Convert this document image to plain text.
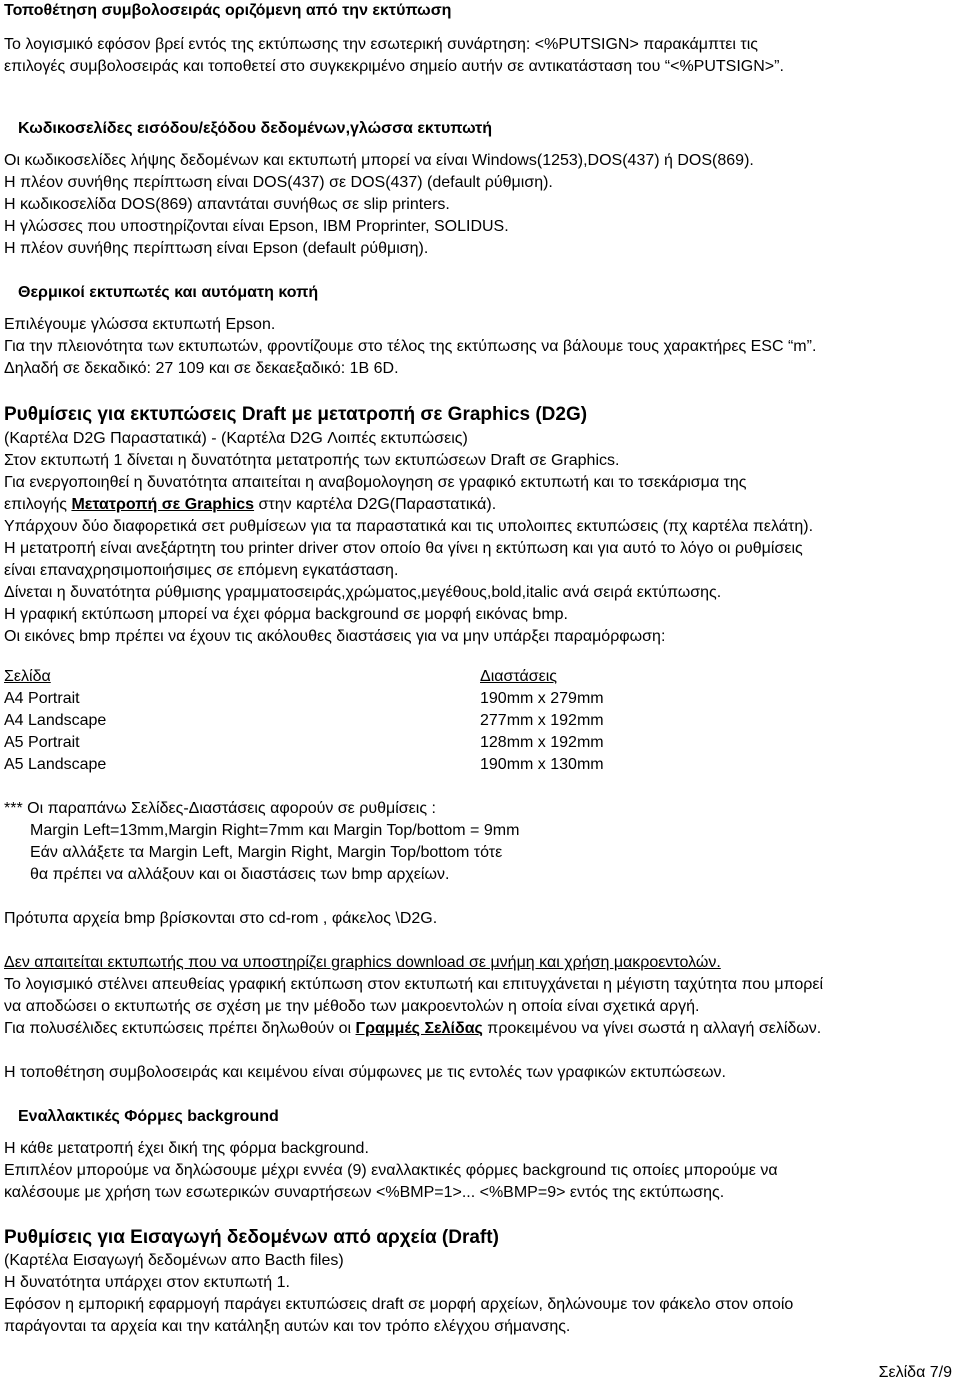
Τοποθέτηση συμβολοσειράς οριζόμενη από την εκτύπωση
Το λογισμικό εφόσον βρεί εντός της εκτύπωσης την εσωτερική συνάρτηση: <%PUTSIGN> παρακάμπτει τις
επιλογές συμβολοσειράς και τοποθετεί στο συγκεκριμένο σημείο αυτήν σε αντικατάσταση του “<%PUTSIGN>”.
Κωδικοσελίδες εισόδου/εξόδου δεδομένων,γλώσσα εκτυπωτή
Οι κωδικοσελίδες λήψης δεδομένων και εκτυπωτή μπορεί να είναι Windows(1253),DOS(437) ή DOS(869).
Η πλέον συνήθης περίπτωση είναι DOS(437) σε DOS(437) (default ρύθμιση).
Η κωδικοσελίδα DOS(869) απαντάται συνήθως σε slip printers.
Η γλώσσες που υποστηρίζονται είναι Epson, IBM Proprinter, SOLIDUS.
Η πλέον συνήθης περίπτωση είναι Epson (default ρύθμιση).
Θερμικοί εκτυπωτές και αυτόματη κοπή
Επιλέγουμε γλώσσα εκτυπωτή Epson.
Για την πλειονότητα των εκτυπωτών, φροντίζουμε στο τέλος της εκτύπωσης να βάλουμε τους χαρακτήρες ESC “m”.
Δηλαδή σε δεκαδικό: 27 109 και σε δεκαεξαδικό: 1B 6D.
Ρυθμίσεις για εκτυπώσεις Draft με μετατροπή σε Graphics (D2G)
(Καρτέλα D2G Παραστατικά) - (Καρτέλα D2G Λοιπές εκτυπώσεις)
Στον εκτυπωτή 1 δίνεται η δυνατότητα μετατροπής των εκτυπώσεων Draft σε Graphics.
Για ενεργοποιηθεί η δυνατότητα απαιτείται η αναβομολογηση σε γραφικό εκτυπωτή και το τσεκάρισμα της
επιλογής Μετατροπή σε Graphics στην καρτέλα D2G(Παραστατικά).
Υπάρχουν δύο διαφορετικά σετ ρυθμίσεων για τα παραστατικά και τις υπολοιπες εκτυπώσεις (πχ καρτέλα πελάτη).
Η μετατροπή είναι ανεξάρτητη του printer driver στον οποίο θα γίνει η εκτύπωση και για αυτό το λόγο οι ρυθμίσεις
είναι επαναχρησιμοποιήσιμες σε επόμενη εγκατάσταση.
Δίνεται η δυνατότητα ρύθμισης γραμματοσειράς,χρώματος,μεγέθους,bold,italic ανά σειρά εκτύπωσης.
Η γραφική εκτύπωση μπορεί να έχει φόρμα background σε μορφή εικόνας bmp.
Οι εικόνες bmp πρέπει να έχουν τις ακόλουθες διαστάσεις για να μην υπάρξει παραμόρφωση:
Σελίδα	Διαστάσεις
A4 Portrait	190mm x 279mm
A4 Landscape	277mm x 192mm
A5 Portrait	128mm x 192mm
A5 Landscape	190mm x 130mm
*** Οι παραπάνω Σελίδες-Διαστάσεις αφορούν σε ρυθμίσεις :
Margin Left=13mm,Margin Right=7mm και Margin Top/bottom = 9mm
Εάν αλλάξετε τα Margin Left, Margin Right, Margin Top/bottom τότε
θα πρέπει να αλλάξουν και οι διαστάσεις των bmp αρχείων.
Πρότυπα αρχεία bmp βρίσκονται στο cd-rom , φάκελος \D2G.
Δεν απαιτείται εκτυπωτής που να υποστηρίζει graphics download σε μνήμη και χρήση μακροεντολών.
Το λογισμικό στέλνει απευθείας γραφική εκτύπωση στον εκτυπωτή και επιτυγχάνεται η μέγιστη ταχύτητα που μπορεί
να αποδώσει ο εκτυπωτής σε σχέση με την μέθοδο των μακροεντολών η οποία είναι σχετικά αργή.
Για πολυσέλιδες εκτυπώσεις πρέπει δηλωθούν οι Γραμμές Σελίδας προκειμένου να γίνει σωστά η αλλαγή σελίδων.
Η τοποθέτηση συμβολοσειράς και κειμένου είναι σύμφωνες με τις εντολές των γραφικών εκτυπώσεων.
Εναλλακτικές Φόρμες background
Η κάθε μετατροπή έχει δική της φόρμα background.
Επιπλέον μπορούμε να δηλώσουμε μέχρι εννέα (9) εναλλακτικές φόρμες background τις οποίες μπορούμε να
καλέσουμε με χρήση των εσωτερικών συναρτήσεων <%BMP=1>... <%BMP=9> εντός της εκτύπωσης.
Ρυθμίσεις για Εισαγωγή δεδομένων από αρχεία (Draft)
(Καρτέλα Εισαγωγή δεδομένων απο Bacth files)
Η δυνατότητα υπάρχει στον εκτυπωτή 1.
Εφόσον η εμπορική εφαρμογή παράγει εκτυπώσεις draft σε μορφή αρχείων, δηλώνουμε τον φάκελο στον οποίο
παράγονται τα αρχεία και την κατάληξη αυτών και τον τρόπο ελέγχου σήμανσης.
Σελίδα 7/9
